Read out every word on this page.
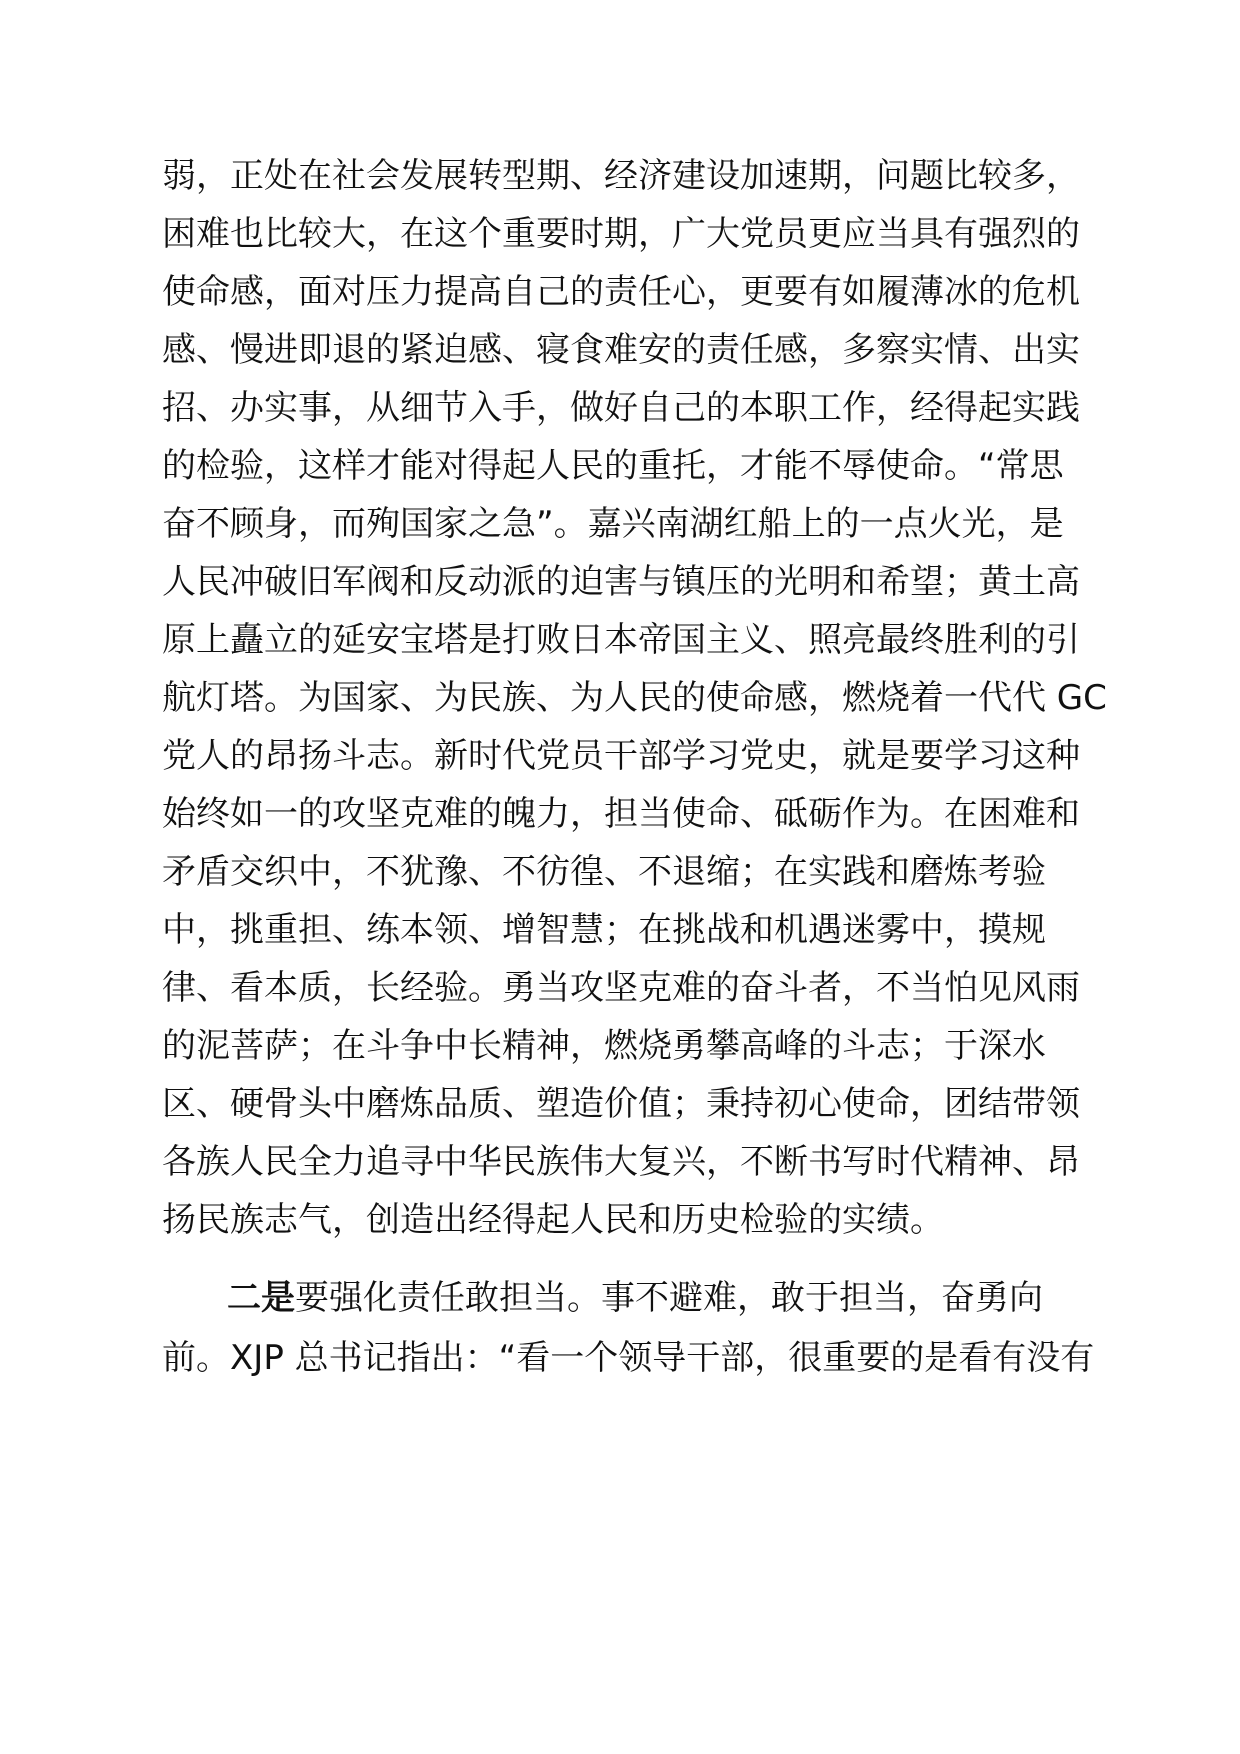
弱，正处在社会发展转型期、经济建设加速期，问题比较多，
困难也比较大，在这个重要时期，广大党员更应当具有强烈的
使命感，面对压力提高自己的责任心，更要有如履薄冰的危机
感、慢进即退的紧迫感、寝食难安的责任感，多察实情、出实
招、办实事，从细节入手，做好自己的本职工作，经得起实践
的检验，这样才能对得起人民的重托，才能不辱使命。“常思
奋不顾身，而殉国家之急”。嘉兴南湖红船上的一点火光，是
人民冲破旧军阀和反动派的迫害与镇压的光明和希望；黄土高
原上矗立的延安宝塔是打败日本帝国主义、照亮最终胜利的引
航灯塔。为国家、为民族、为人民的使命感，燃烧着一代代 GC
党人的昂扬斗志。新时代党员干部学习党史，就是要学习这种
始终如一的攻坚克难的魄力，担当使命、砥砺作为。在困难和
矛盾交织中，不犹豫、不彷徨、不退缩；在实践和磨炼考验
中，挑重担、练本领、增智慧；在挑战和机遇迷雾中，摸规
律、看本质，长经验。勇当攻坚克难的奋斗者，不当怕见风雨
的泥菩萨；在斗争中长精神，燃烧勇攀高峰的斗志；于深水
区、硬骨头中磨炼品质、塑造价值；秉持初心使命，团结带领
各族人民全力追寻中华民族伟大复兴，不断书写时代精神、昂
扬民族志气，创造出经得起人民和历史检验的实绩。
二是要强化责任敢担当。事不避难，敢于担当，奋勇向
前。XJP 总书记指出：“看一个领导干部，很重要的是看有没有
